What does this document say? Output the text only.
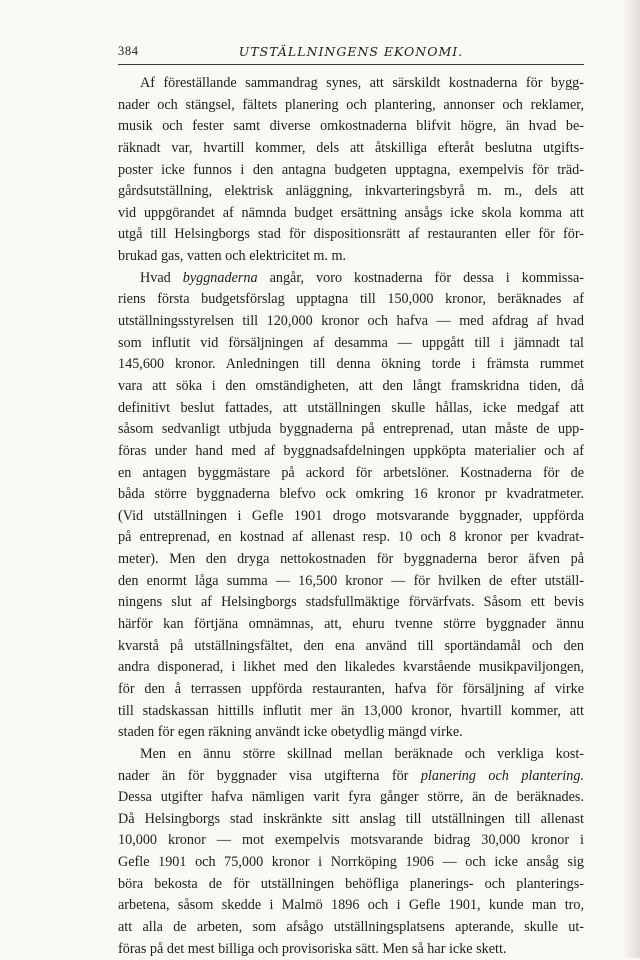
384	UTSTÄLLNINGENS EKONOMI.
Af föreställande sammandrag synes, att särskildt kostnaderna för bygg-
nader och stängsel, fältets planering och plantering, annonser och reklamer,
musik och fester samt diverse omkostnaderna blifvit högre, än hvad be-
räknadt var, hvartill kommer, dels att åtskilliga efteråt beslutna utgifts-
poster icke funnos i den antagna budgeten upptagna, exempelvis för träd-
gårdsutställning, elektrisk anläggning, inkvarteringsbyrå m. m., dels att
vid uppgörandet af nämnda budget ersättning ansågs icke skola komma att
utgå till Helsingborgs stad för dispositionsrätt af restauranten eller för för-
brukad gas, vatten och elektricitet m. m.
Hvad byggnaderna angår, voro kostnaderna för dessa i kommissa-
riens första budgetsförslag upptagna till 150,000 kronor, beräknades af
utställningsstyrelsen till 120,000 kronor och hafva — med afdrag af hvad
som influtit vid försäljningen af desamma — uppgått till i jämnadt tal
145,600 kronor. Anledningen till denna ökning torde i främsta rummet
vara att söka i den omständigheten, att den långt framskridna tiden, då
definitivt beslut fattades, att utställningen skulle hållas, icke medgaf att
såsom sedvanligt utbjuda byggnaderna på entreprenad, utan måste de upp-
föras under hand med af byggnadsafdelningen uppköpta materialier och af
en antagen byggmästare på ackord för arbetslöner. Kostnaderna för de
båda större byggnaderna blefvo ock omkring 16 kronor pr kvadratmeter.
(Vid utställningen i Gefle 1901 drogo motsvarande byggnader, uppförda
på entreprenad, en kostnad af allenast resp. 10 och 8 kronor per kvadrat-
meter). Men den dryga nettokostnaden för byggnaderna beror äfven på
den enormt låga summa — 16,500 kronor — för hvilken de efter utställ-
ningens slut af Helsingborgs stadsfullmäktige förvärfvats. Såsom ett bevis
härför kan förtjäna omnämnas, att, ehuru tvenne större byggnader ännu
kvarstå på utställningsfältet, den ena använd till sportändamål och den
andra disponerad, i likhet med den likaledes kvarstående musikpaviljongen,
för den å terrassen uppförda restauranten, hafva för försäljning af virke
till stadskassan hittills influtit mer än 13,000 kronor, hvartill kommer, att
staden för egen räkning användt icke obetydlig mängd virke.
Men en ännu större skillnad mellan beräknade och verkliga kost-
nader än för byggnader visa utgifterna för planering och plantering.
Dessa utgifter hafva nämligen varit fyra gånger större, än de beräknades.
Då Helsingborgs stad inskränkte sitt anslag till utställningen till allenast
10,000 kronor — mot exempelvis motsvarande bidrag 30,000 kronor i
Gefle 1901 och 75,000 kronor i Norrköping 1906 — och icke ansåg sig
böra bekosta de för utställningen behöfliga planerings- och planterings-
arbetena, såsom skedde i Malmö 1896 och i Gefle 1901, kunde man tro,
att alla de arbeten, som afsågo utställningsplatsens apterande, skulle ut-
föras på det mest billiga och provisoriska sätt. Men så har icke skett.
